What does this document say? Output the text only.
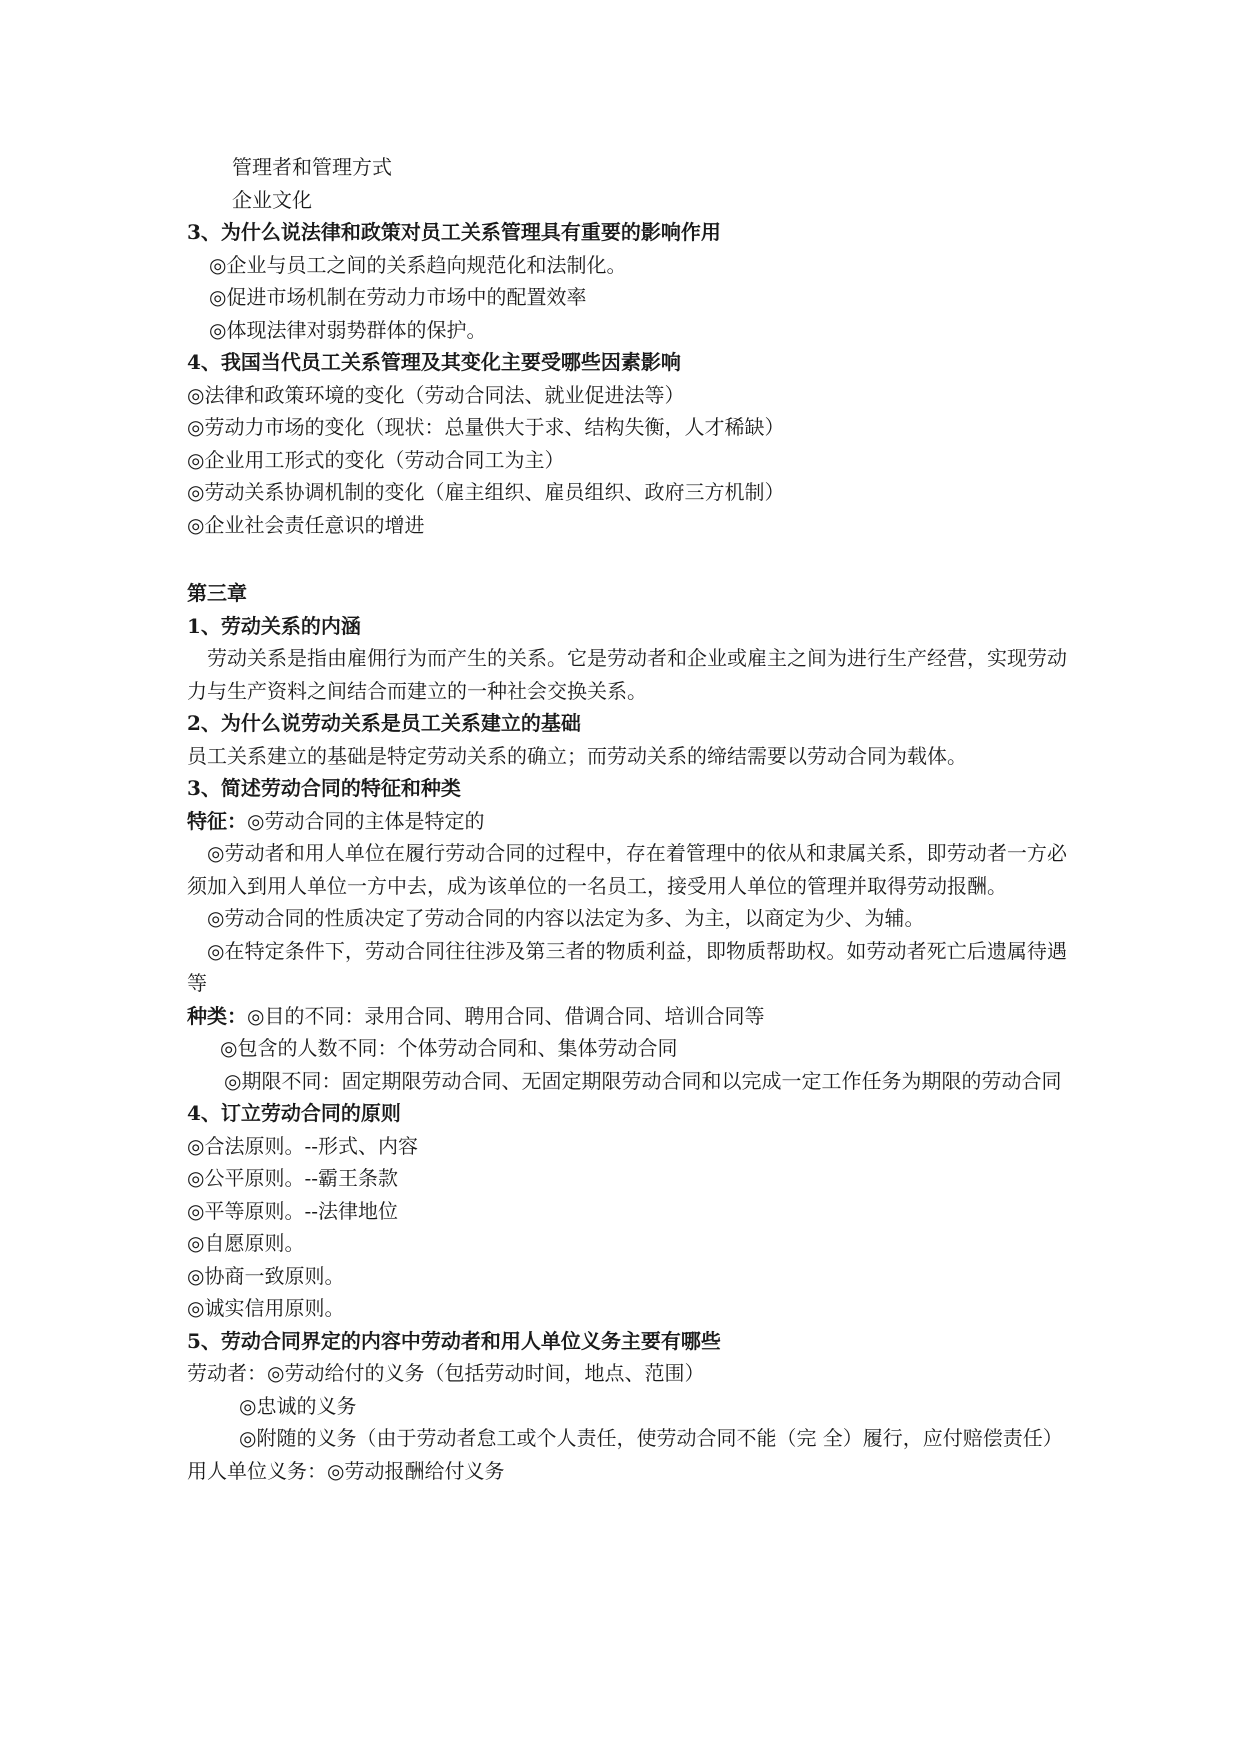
管理者和管理方式
企业文化
3、为什么说法律和政策对员工关系管理具有重要的影响作用
◎企业与员工之间的关系趋向规范化和法制化。
◎促进市场机制在劳动力市场中的配置效率
◎体现法律对弱势群体的保护。
4、我国当代员工关系管理及其变化主要受哪些因素影响
◎法律和政策环境的变化（劳动合同法、就业促进法等）
◎劳动力市场的变化（现状：总量供大于求、结构失衡，人才稀缺）
◎企业用工形式的变化（劳动合同工为主）
◎劳动关系协调机制的变化（雇主组织、雇员组织、政府三方机制）
◎企业社会责任意识的增进
第三章
1、劳动关系的内涵
劳动关系是指由雇佣行为而产生的关系。它是劳动者和企业或雇主之间为进行生产经营，实现劳动力与生产资料之间结合而建立的一种社会交换关系。
2、为什么说劳动关系是员工关系建立的基础
员工关系建立的基础是特定劳动关系的确立；而劳动关系的缔结需要以劳动合同为载体。
3、简述劳动合同的特征和种类
特征：◎劳动合同的主体是特定的
◎劳动者和用人单位在履行劳动合同的过程中，存在着管理中的依从和隶属关系，即劳动者一方必须加入到用人单位一方中去，成为该单位的一名员工，接受用人单位的管理并取得劳动报酬。
◎劳动合同的性质决定了劳动合同的内容以法定为多、为主，以商定为少、为辅。
◎在特定条件下，劳动合同往往涉及第三者的物质利益，即物质帮助权。如劳动者死亡后遗属待遇等
种类：◎目的不同：录用合同、聘用合同、借调合同、培训合同等
◎包含的人数不同：个体劳动合同和、集体劳动合同
◎期限不同：固定期限劳动合同、无固定期限劳动合同和以完成一定工作任务为期限的劳动合同
4、订立劳动合同的原则
◎合法原则。--形式、内容
◎公平原则。--霸王条款
◎平等原则。--法律地位
◎自愿原则。
◎协商一致原则。
◎诚实信用原则。
5、劳动合同界定的内容中劳动者和用人单位义务主要有哪些
劳动者：◎劳动给付的义务（包括劳动时间，地点、范围）
◎忠诚的义务
◎附随的义务（由于劳动者怠工或个人责任，使劳动合同不能（完 全）履行，应付赔偿责任）
用人单位义务：◎劳动报酬给付义务
